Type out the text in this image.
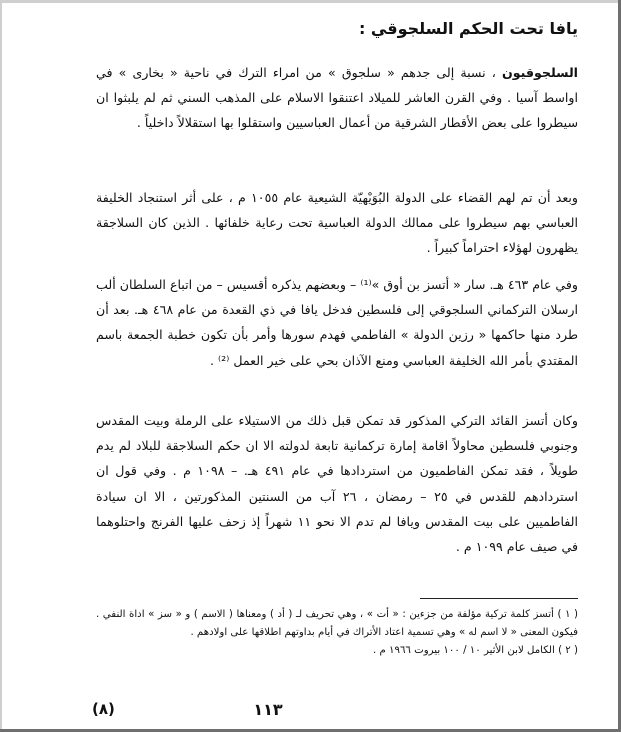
يافا تحت الحكم السلجوقي :

السلجوقيون ، نسبة إلى جدهم « سلجوق » من امراء الترك في ناحية « بخارى » في اواسط آسيا . وفي القرن العاشر للميلاد اعتنقوا الاسلام على المذهب السني ثم لم يلبثوا ان سيطروا على بعض الأقطار الشرقية من أعمال العباسيين واستقلوا بها استقلالاً داخلياً .

وبعد أن تم لهم القضاء على الدولة البُوَيْهيّة الشيعية عام ١٠٥٥ م ، على أثر استنجاد الخليفة العباسي بهم سيطروا على ممالك الدولة العباسية تحت رعاية خلفائها . الذين كان السلاجقة يظهرون لهؤلاء احتراماً كبيراً .

وفي عام ٤٦٣ هـ. سار « أتسز بن أوق »⁽¹⁾ – وبعضهم يذكره أقسيس – من اتباع السلطان ألب ارسلان التركماني السلجوقي إلى فلسطين فدخل يافا في ذي القعدة من عام ٤٦٨ هـ. بعد أن طرد منها حاكمها « رزين الدولة » الفاطمي فهدم سورها وأمر بأن تكون خطبة الجمعة باسم المقتدي بأمر الله الخليفة العباسي ومنع الآذان بحي على خير العمل ⁽²⁾ .

وكان أتسز القائد التركي المذكور قد تمكن قبل ذلك من الاستيلاء على الرملة وبيت المقدس وجنوبي فلسطين محاولاً اقامة إمارة تركمانية تابعة لدولته الا ان حكم السلاجقة للبلاد لم يدم طويلاً ، فقد تمكن الفاطميون من استردادها في عام ٤٩١ هـ. – ١٠٩٨ م . وفي قول ان استردادهم للقدس في ٢٥ – رمضان ، ٢٦ آب من السنتين المذكورتين ، الا ان سيادة الفاطميين على بيت المقدس ويافا لم تدم الا نحو ١١ شهراً إذ زحف عليها الفرنج واحتلوهما في صيف عام ١٠٩٩ م .

( ١ ) أتسز كلمة تركية مؤلفة من جزءين : « أت » ، وهي تحريف لـ ( أد ) ومعناها ( الاسم ) و « سز » اداة النفي . فيكون المعنى « لا اسم له » وهي تسمية اعتاد الأتراك في أيام بداوتهم اطلاقها على اولادهم .

( ٢ ) الكامل لابن الأثير ١٠ / ١٠٠ بيروت ١٩٦٦ م .

١١٣
(٨)
